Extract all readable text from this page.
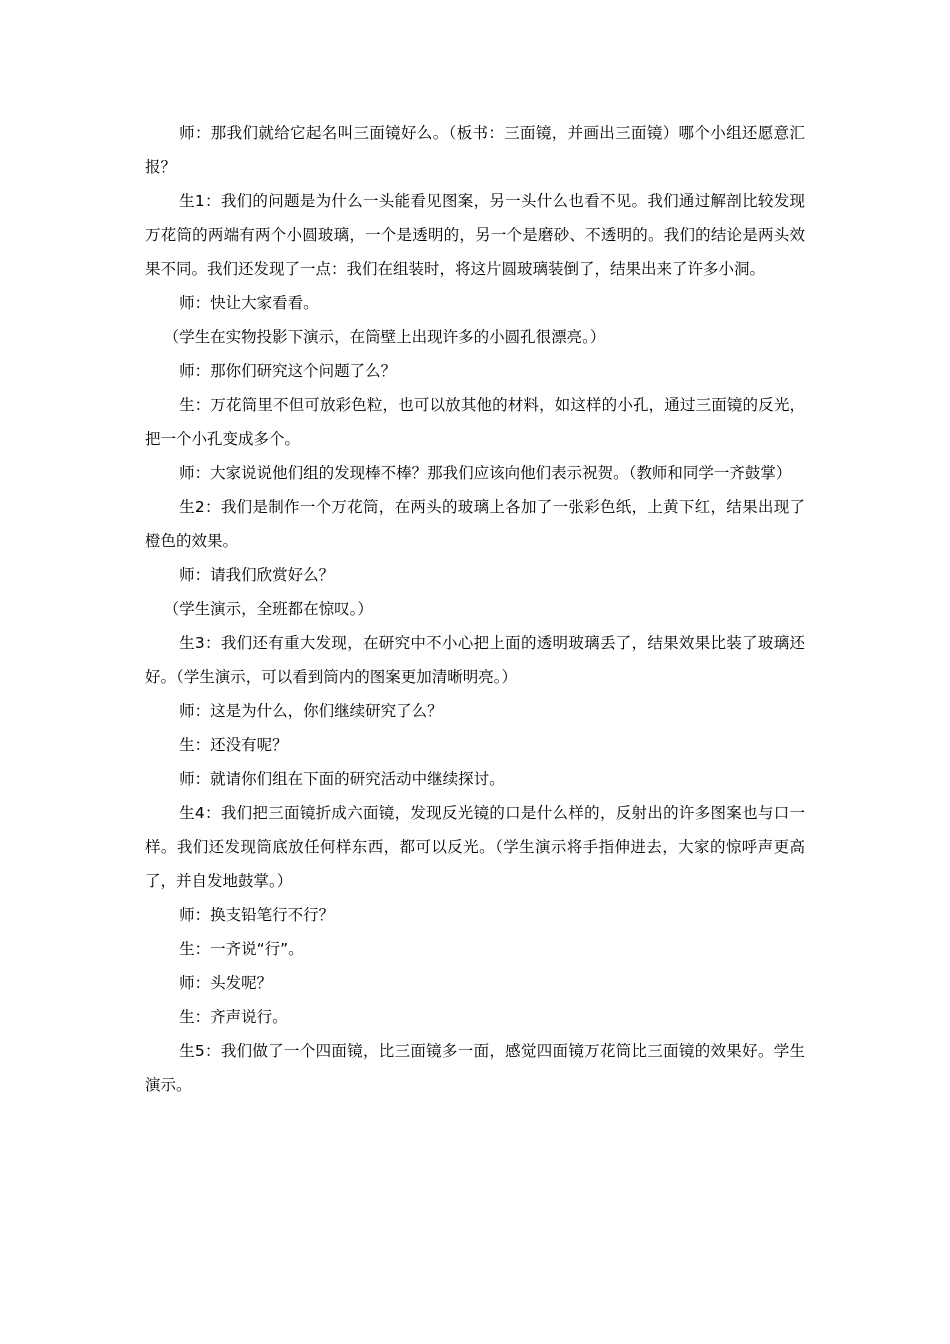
师：那我们就给它起名叫三面镜好么。（板书：三面镜，并画出三面镜）哪个小组还愿意汇报？

生1：我们的问题是为什么一头能看见图案，另一头什么也看不见。我们通过解剖比较发现万花筒的两端有两个小圆玻璃，一个是透明的，另一个是磨砂、不透明的。我们的结论是两头效果不同。我们还发现了一点：我们在组装时，将这片圆玻璃装倒了，结果出来了许多小洞。

师：快让大家看看。

（学生在实物投影下演示，在筒壁上出现许多的小圆孔很漂亮。）

师：那你们研究这个问题了么？

生：万花筒里不但可放彩色粒，也可以放其他的材料，如这样的小孔，通过三面镜的反光，把一个小孔变成多个。

师：大家说说他们组的发现棒不棒？那我们应该向他们表示祝贺。（教师和同学一齐鼓掌）

生2：我们是制作一个万花筒，在两头的玻璃上各加了一张彩色纸，上黄下红，结果出现了橙色的效果。

师：请我们欣赏好么？

（学生演示，全班都在惊叹。）

生3：我们还有重大发现，在研究中不小心把上面的透明玻璃丢了，结果效果比装了玻璃还好。（学生演示，可以看到筒内的图案更加清晰明亮。）

师：这是为什么，你们继续研究了么？

生：还没有呢？

师：就请你们组在下面的研究活动中继续探讨。

生4：我们把三面镜折成六面镜，发现反光镜的口是什么样的，反射出的许多图案也与口一样。我们还发现筒底放任何样东西，都可以反光。（学生演示将手指伸进去，大家的惊呼声更高了，并自发地鼓掌。）

师：换支铅笔行不行？

生：一齐说“行”。

师：头发呢？

生：齐声说行。

生5：我们做了一个四面镜，比三面镜多一面，感觉四面镜万花筒比三面镜的效果好。学生演示。
